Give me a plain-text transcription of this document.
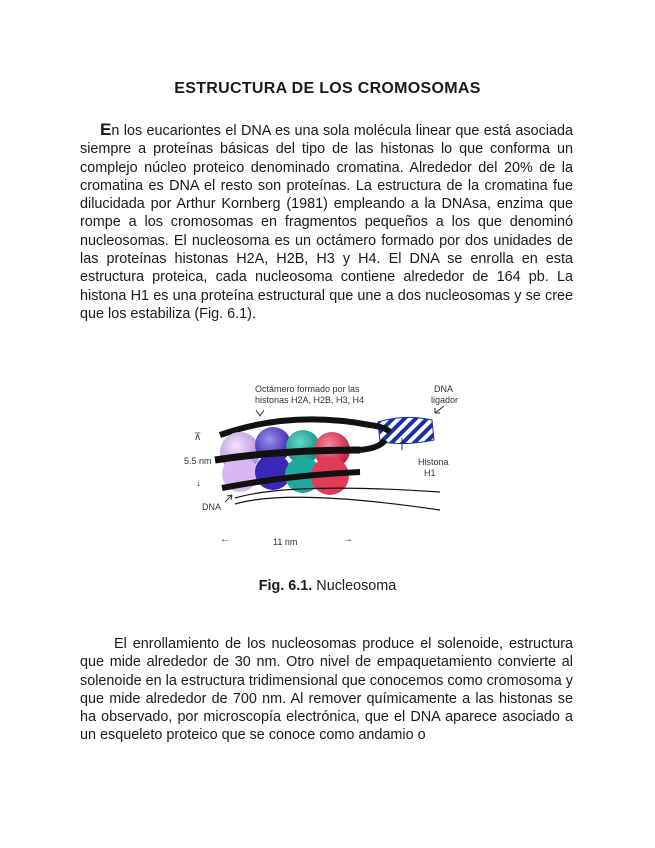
ESTRUCTURA DE LOS CROMOSOMAS
En los eucariontes el DNA es una sola molécula linear que está asociada siempre a proteínas básicas del tipo de las histonas lo que conforma un complejo núcleo proteico denominado cromatina. Alrededor del 20% de la cromatina es DNA el resto son proteínas. La estructura de la cromatina fue dilucidada por Arthur Kornberg (1981) empleando a la DNAsa, enzima que rompe a los cromosomas en fragmentos pequeños a los que denominó nucleosomas. El nucleosoma es un octámero formado por dos unidades de las proteínas histonas H2A, H2B, H3 y H4. El DNA se enrolla en esta estructura proteica, cada nucleosoma contiene alrededor de 164 pb. La histona H1 es una proteína estructural que une a dos nucleosomas y se cree que los estabiliza (Fig. 6.1).
Octámero formado por las
histonas H2A, H2B, H3, H4
DNA
ligador
Histona
H1
⊼
5.5 nm
↓
DNA
←	11 nm	→
Fig. 6.1. Nucleosoma
El enrollamiento de los nucleosomas produce el solenoide, estructura que mide alrededor de 30 nm. Otro nivel de empaquetamiento convierte al solenoide en la estructura tridimensional que conocemos como cromosoma y que mide alrededor de 700 nm. Al remover químicamente a las histonas se ha observado, por microscopía electrónica, que el DNA aparece asociado a un esqueleto proteico que se conoce como andamio o
